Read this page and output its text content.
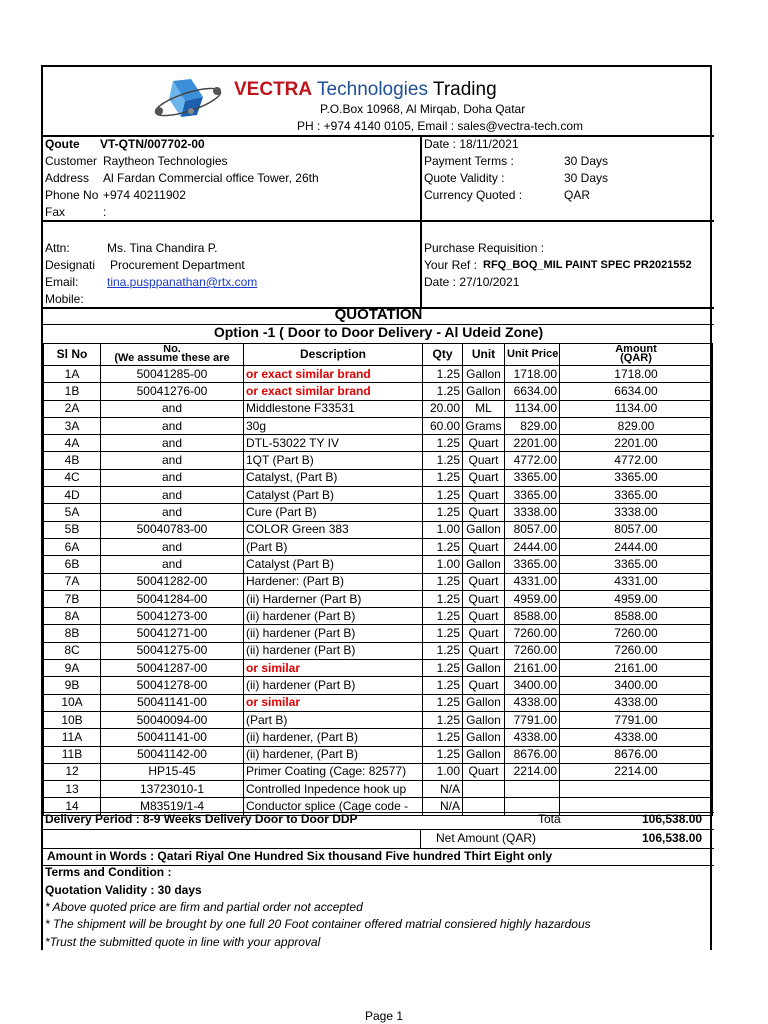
VECTRA Technologies Trading
P.O.Box 10968, Al Mirqab, Doha Qatar
PH : +974 4140 0105, Email : sales@vectra-tech.com
Qoute VT-QTN/007702-00
Customer Raytheon Technologies
Address Al Fardan Commercial office Tower, 26th
Phone No +974 40211902
Fax	:
Date : 18/11/2021
Payment Terms :	30 Days
Quote Validity :	30 Days
Currency Quoted :	QAR
Attn:	Ms. Tina Chandira P.
Designati Procurement Department
Email: tina.pusppanathan@rtx.com
Mobile:
Purchase Requisition :
Your Ref : RFQ_BOQ_MIL PAINT SPEC PR2021552
Date : 27/10/2021
QUOTATION
Option -1 ( Door to Door Delivery - Al Udeid Zone)
Sl No	No.
(We assume these are	Description	Qty	Unit	Unit Price	Amount
(QAR)

1A	50041285-00	or exact similar brand	1.25	Gallon	1718.00	1718.00
1B	50041276-00	or exact similar brand	1.25	Gallon	6634.00	6634.00
2A	and	Middlestone F33531	20.00	ML	1134.00	1134.00
3A	and	30g	60.00	Grams	829.00	829.00
4A	and	DTL-53022 TY IV	1.25	Quart	2201.00	2201.00
4B	and	1QT (Part B)	1.25	Quart	4772.00	4772.00
4C	and	Catalyst, (Part B)	1.25	Quart	3365.00	3365.00
4D	and	Catalyst (Part B)	1.25	Quart	3365.00	3365.00
5A	and	Cure (Part B)	1.25	Quart	3338.00	3338.00
5B	50040783-00	COLOR Green 383	1.00	Gallon	8057.00	8057.00
6A	and	(Part B)	1.25	Quart	2444.00	2444.00
6B	and	Catalyst (Part B)	1.00	Gallon	3365.00	3365.00
7A	50041282-00	Hardener: (Part B)	1.25	Quart	4331.00	4331.00
7B	50041284-00	(ii) Harderner (Part B)	1.25	Quart	4959.00	4959.00
8A	50041273-00	(ii) hardener (Part B)	1.25	Quart	8588.00	8588.00
8B	50041271-00	(ii) hardener (Part B)	1.25	Quart	7260.00	7260.00
8C	50041275-00	(ii) hardener (Part B)	1.25	Quart	7260.00	7260.00
9A	50041287-00	or similar	1.25	Gallon	2161.00	2161.00
9B	50041278-00	(ii) hardener (Part B)	1.25	Quart	3400.00	3400.00
10A	50041141-00	or similar	1.25	Gallon	4338.00	4338.00
10B	50040094-00	(Part B)	1.25	Gallon	7791.00	7791.00
11A	50041141-00	(ii) hardener, (Part B)	1.25	Gallon	4338.00	4338.00
11B	50041142-00	(ii) hardener, (Part B)	1.25	Gallon	8676.00	8676.00
12	HP15-45	Primer Coating (Cage: 82577)	1.00	Quart	2214.00	2214.00
13	13723010-1	Controlled Inpedence hook up	N/A			
14	M83519/1-4	Conductor splice (Cage code -	N/A			
Delivery Period : 8-9 Weeks Delivery Door to Door DDP	Tota	106,538.00
Net Amount (QAR)	106,538.00
Amount in Words : Qatari Riyal One Hundred Six thousand Five hundred Thirt Eight only
Terms and Condition :
Quotation Validity : 30 days
* Above quoted price are firm and partial order not accepted
* The shipment will be brought by one full 20 Foot container offered matrial consiered highly hazardous
*Trust the submitted quote in line with your approval
Page 1
